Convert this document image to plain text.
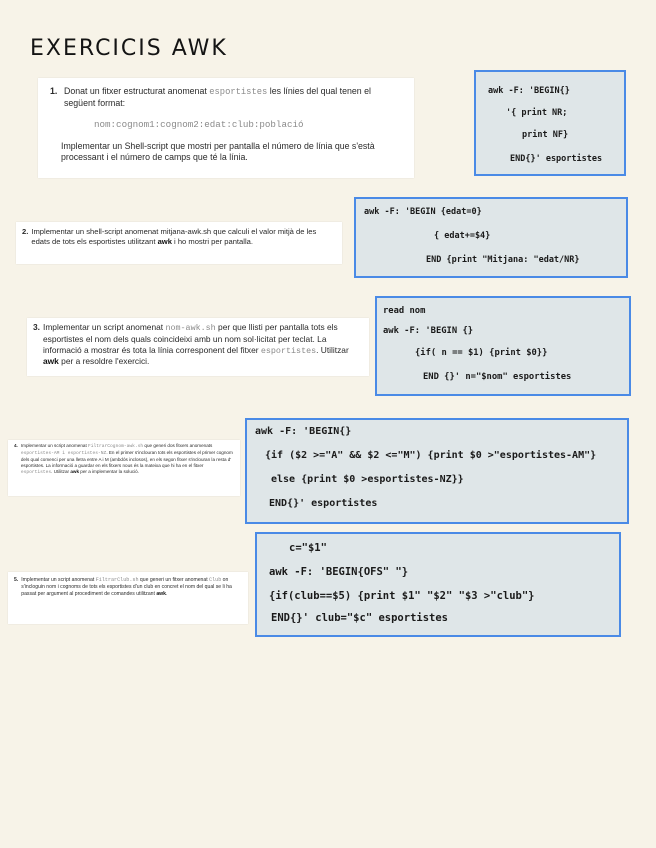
EXERCICIS AWK
1. Donat un fitxer estructurat anomenat esportistes les línies del qual tenen el següent format:

nom:cognom1:cognom2:edat:club:població

Implementar un Shell-script que mostri per pantalla el número de línia que s'està processant i el número de camps que té la línia.

2. Implementar un shell-script anomenat mitjana-awk.sh que calculi el valor mitjà de les edats de tots els esportistes utilitzant awk i ho mostri per pantalla.

3. Implementar un script anomenat nom-awk.sh per que llisti per pantalla tots els esportistes el nom dels quals coincideixi amb un nom sol·licitat per teclat. La informació a mostrar és tota la línia corresponent del fitxer esportistes. Utilitzar awk per a resoldre l'exercici.

4. Implementar un script anomenat FiltrarCognom-awk.sh que generi dos fitxers anomenats esportistes-AM i esportistes-NZ. En el primer s'inclouran tots els esportistes el primer cognom dels qual comenci per una lletra entre A i M (ambdós inclosos), en els segon fitxer s'inclouran la resta d' esportistes. La informació a guardar en els fitxers nous és la mateixa que hi ha en el fitxer esportistes. Utilitzar awk per a implementar la solució.

5. Implementar un script anomenat FiltrarClub.sh que generi un fitxer anomenat Club on s'incloguin nom i cognoms de tots els esportistes d'un club en concret el nom del qual se li ha passat per argument al procediment de comandes utilitzant awk.

awk -F: 'BEGIN{}
'{ print NR;
print NF}
END{}' esportistes
awk -F: 'BEGIN {edat=0}
{ edat+=$4}
END {print "Mitjana: "edat/NR}
read nom
awk -F: 'BEGIN {}
{if( n == $1) {print $0}}
END {}' n="$nom" esportistes
awk -F: 'BEGIN{}
{if ($2 >="A" && $2 <="M") {print $0 >"esportistes-AM"}
else {print $0 >esportistes-NZ}}
END{}' esportistes
c="$1"
awk -F: 'BEGIN{OFS" "}
{if(club==$5) {print $1" "$2" "$3 >"club"}
END{}' club="$c" esportistes
